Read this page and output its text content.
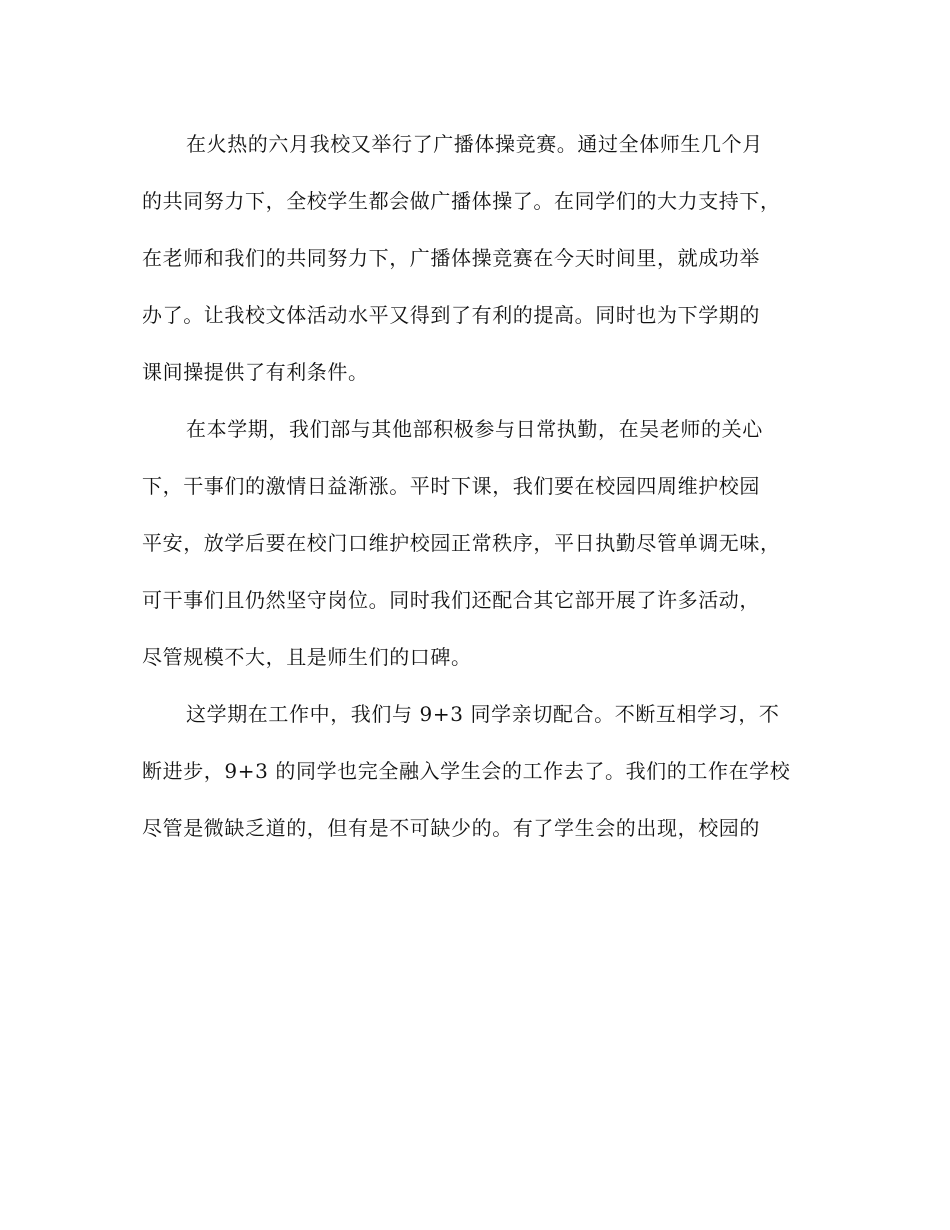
在火热的六月我校又举行了广播体操竞赛。通过全体师生几个月
的共同努力下，全校学生都会做广播体操了。在同学们的大力支持下，
在老师和我们的共同努力下，广播体操竞赛在今天时间里，就成功举
办了。让我校文体活动水平又得到了有利的提高。同时也为下学期的
课间操提供了有利条件。
在本学期，我们部与其他部积极参与日常执勤，在吴老师的关心
下，干事们的激情日益渐涨。平时下课，我们要在校园四周维护校园
平安，放学后要在校门口维护校园正常秩序，平日执勤尽管单调无味，
可干事们且仍然坚守岗位。同时我们还配合其它部开展了许多活动，
尽管规模不大，且是师生们的口碑。
这学期在工作中，我们与 9+3 同学亲切配合。不断互相学习，不
断进步，9+3 的同学也完全融入学生会的工作去了。我们的工作在学校
尽管是微缺乏道的，但有是不可缺少的。有了学生会的出现，校园的
